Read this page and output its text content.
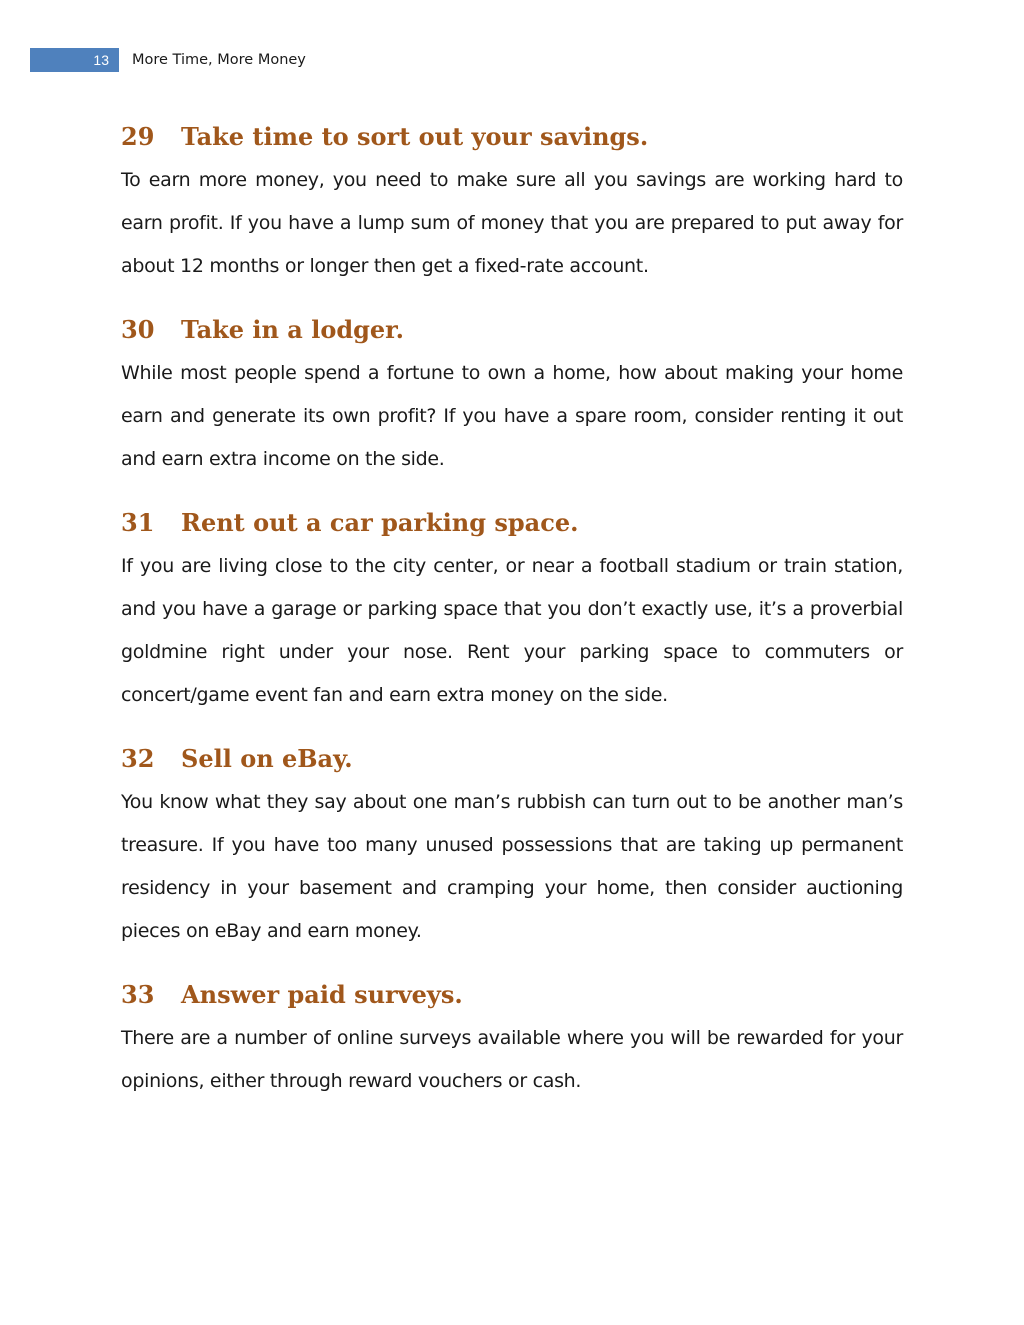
13	More Time, More Money
29	Take time to sort out your savings.

To earn more money, you need to make sure all you savings are working hard to earn profit. If you have a lump sum of money that you are prepared to put away for about 12 months or longer then get a fixed-rate account.

30	Take in a lodger.

While most people spend a fortune to own a home, how about making your home earn and generate its own profit? If you have a spare room, consider renting it out and earn extra income on the side.

31	Rent out a car parking space.

If you are living close to the city center, or near a football stadium or train station, and you have a garage or parking space that you don’t exactly use, it’s a proverbial goldmine right under your nose. Rent your parking space to commuters or concert/game event fan and earn extra money on the side.

32	Sell on eBay.

You know what they say about one man’s rubbish can turn out to be another man’s treasure. If you have too many unused possessions that are taking up permanent residency in your basement and cramping your home, then consider auctioning pieces on eBay and earn money.

33	Answer paid surveys.

There are a number of online surveys available where you will be rewarded for your opinions, either through reward vouchers or cash.
